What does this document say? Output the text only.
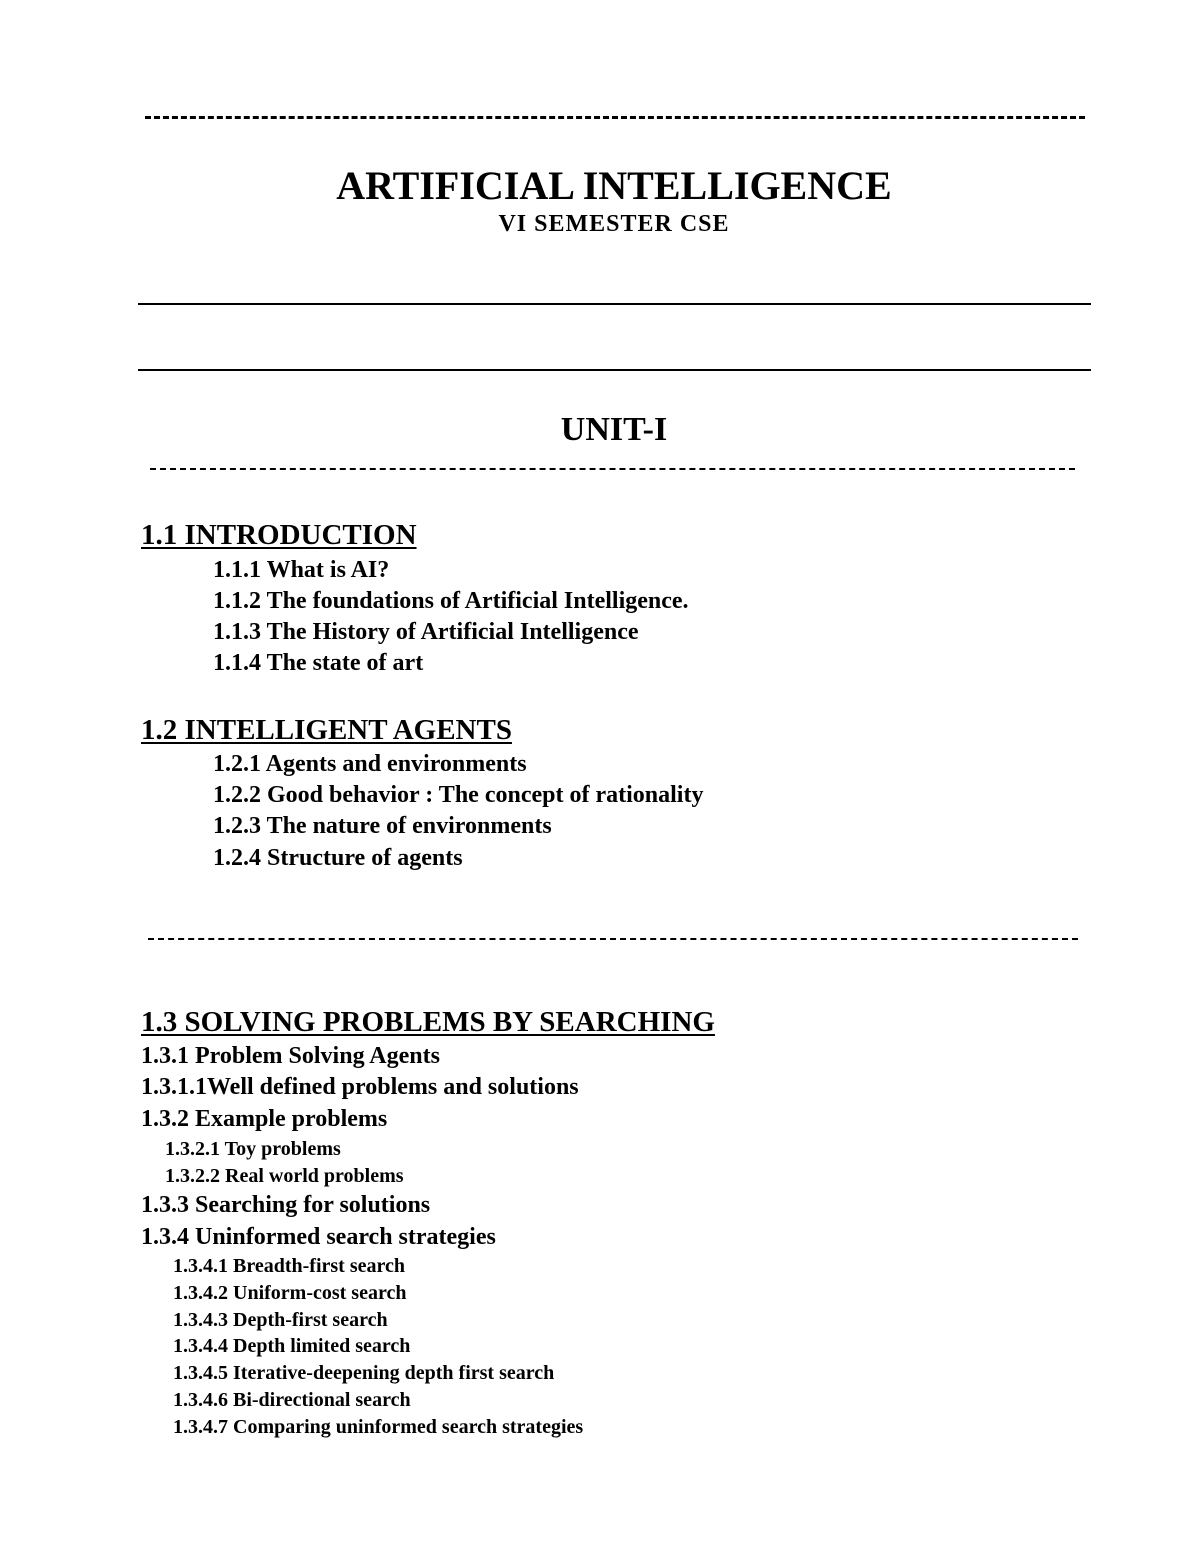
ARTIFICIAL INTELLIGENCE
VI SEMESTER CSE
UNIT-I
1.1 INTRODUCTION
1.1.1 What is AI?
1.1.2 The foundations of Artificial Intelligence.
1.1.3 The History of Artificial Intelligence
1.1.4 The state of art
1.2 INTELLIGENT AGENTS
1.2.1 Agents and environments
1.2.2 Good behavior : The concept of rationality
1.2.3 The nature of environments
1.2.4 Structure of agents
1.3 SOLVING PROBLEMS BY SEARCHING
1.3.1 Problem Solving Agents
1.3.1.1Well defined problems and solutions
1.3.2 Example problems
1.3.2.1 Toy problems
1.3.2.2 Real world problems
1.3.3 Searching for solutions
1.3.4 Uninformed search strategies
1.3.4.1 Breadth-first search
1.3.4.2 Uniform-cost search
1.3.4.3 Depth-first search
1.3.4.4 Depth limited search
1.3.4.5 Iterative-deepening depth first search
1.3.4.6 Bi-directional search
1.3.4.7 Comparing uninformed search strategies
